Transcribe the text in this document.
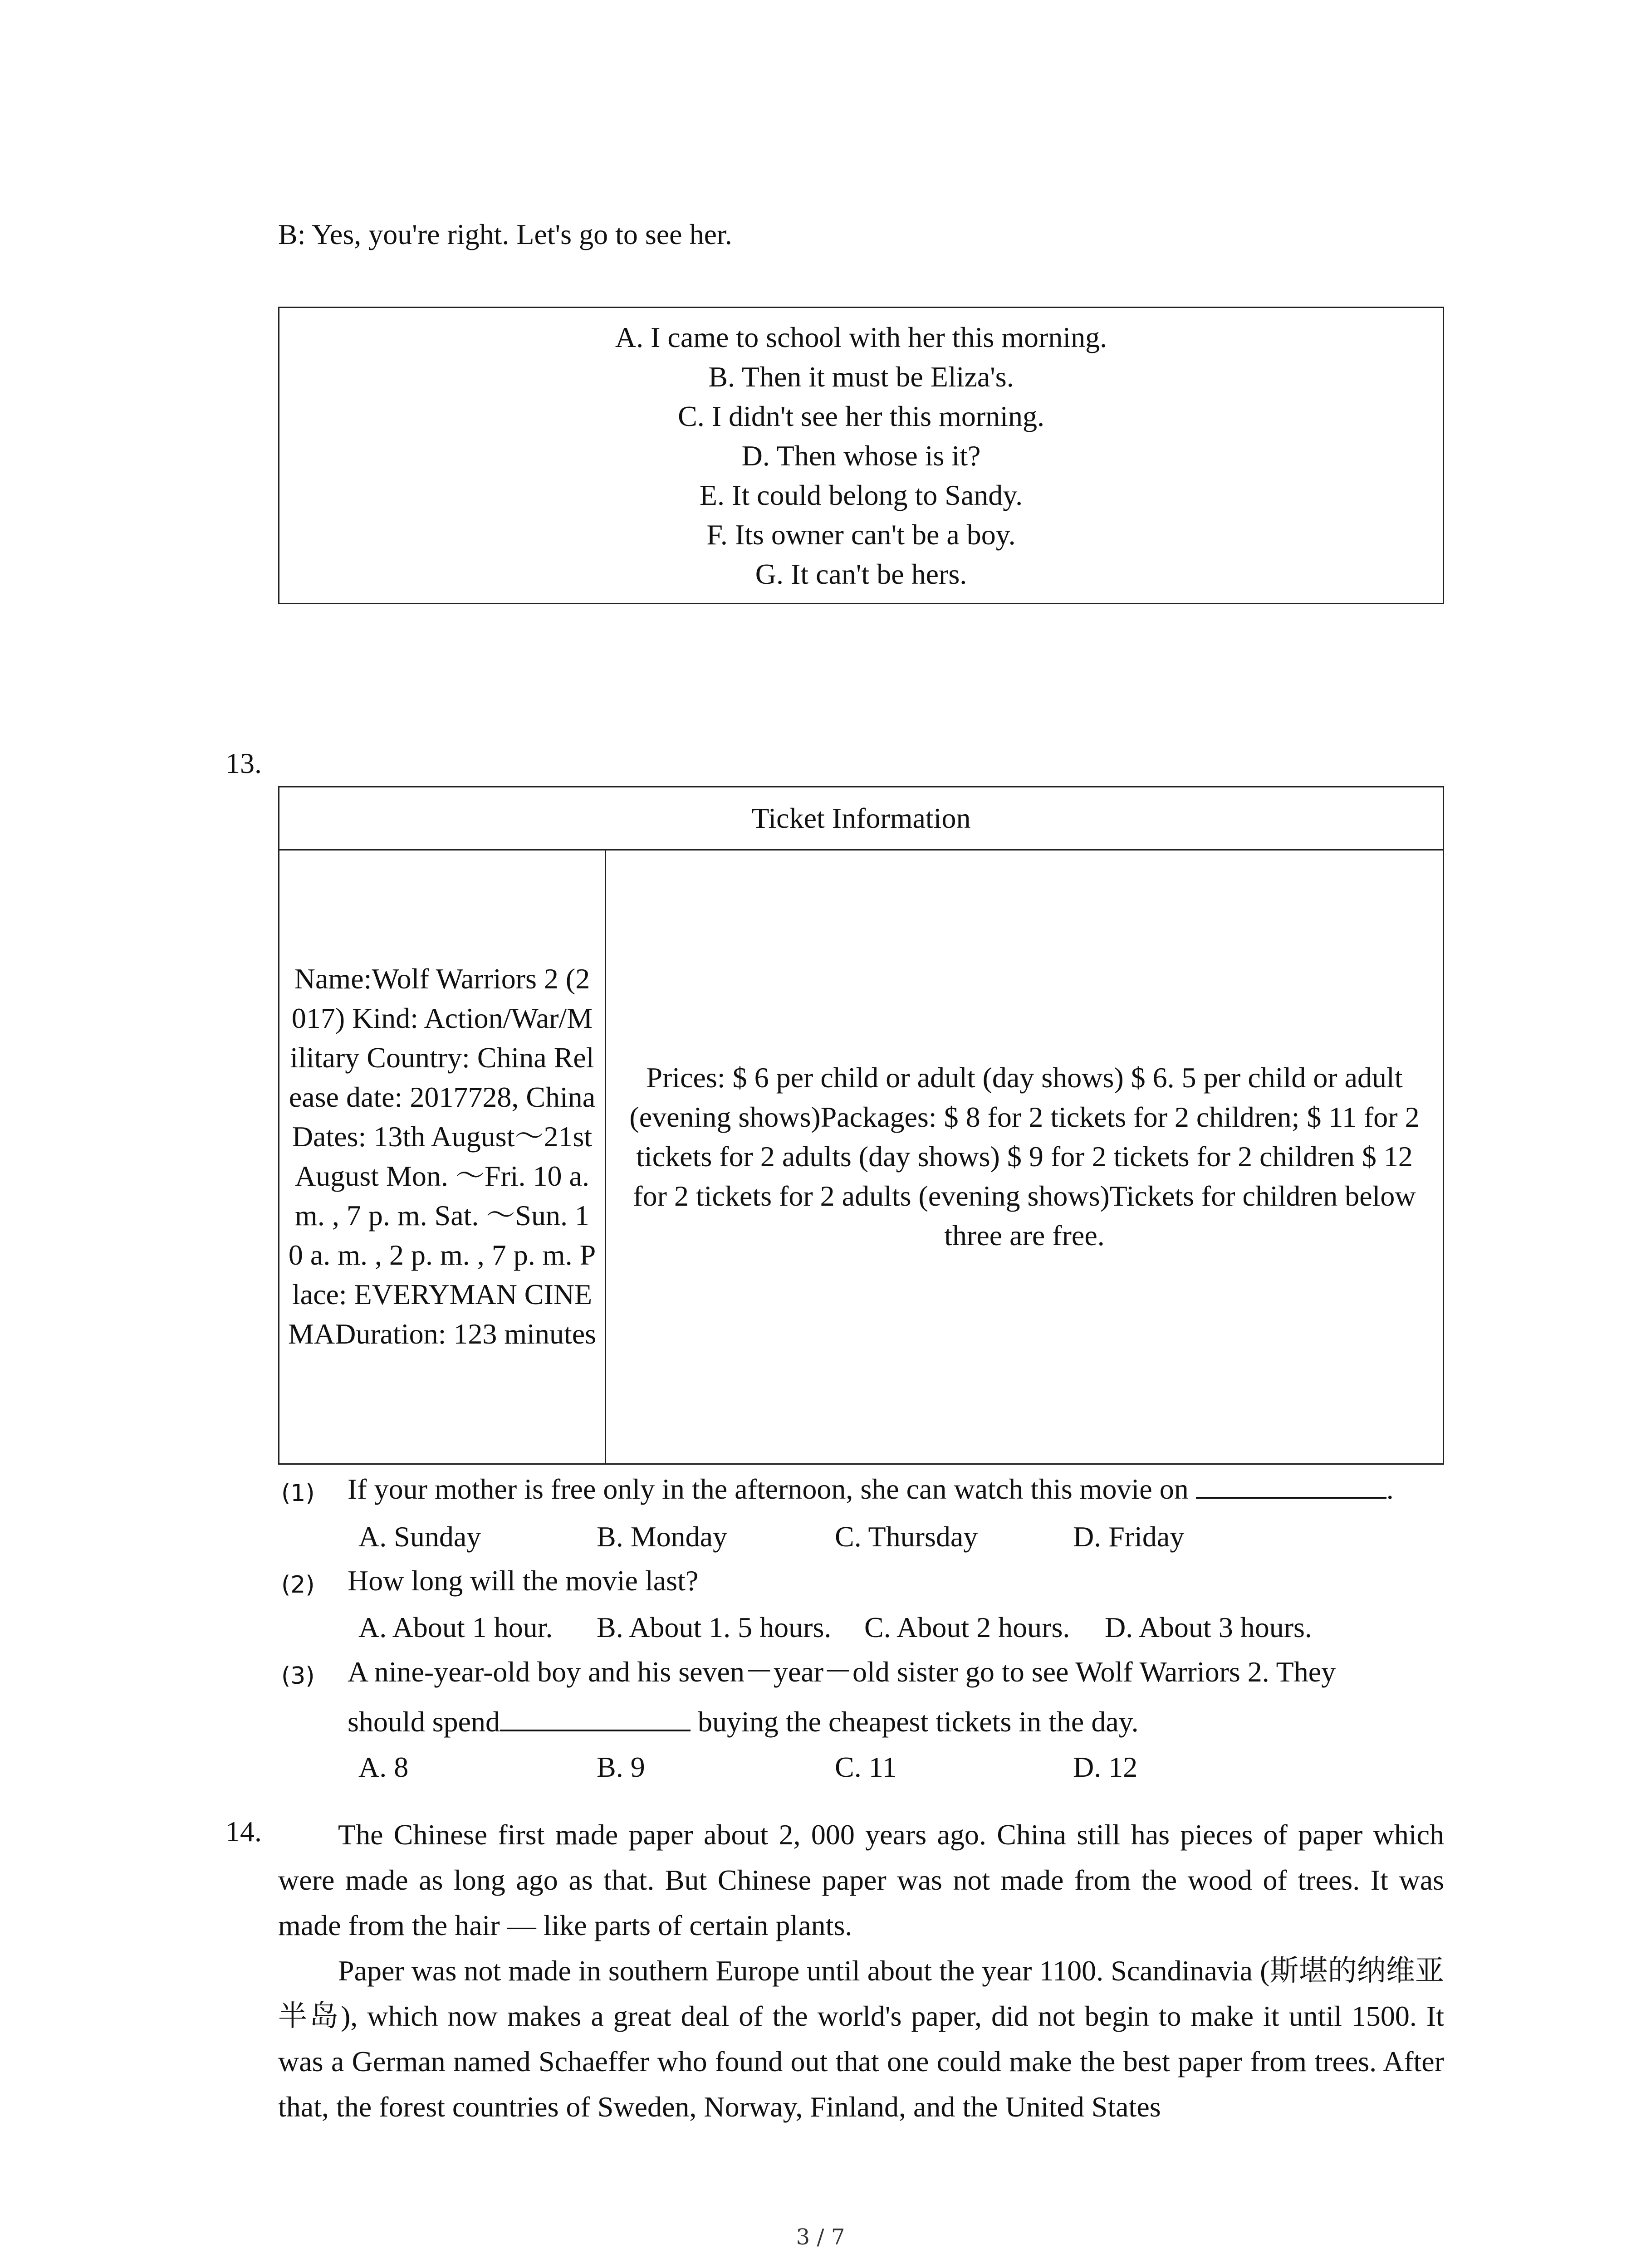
B: Yes, you're right. Let's go to see her.
A. I came to school with her this morning.
B. Then it must be Eliza's.
C. I didn't see her this morning.
D. Then whose is it?
E. It could belong to Sandy.
F. Its owner can't be a boy.
G. It can't be hers.
13.
Ticket Information
Name:Wolf Warriors 2 (2017) Kind: Action/War/Military Country: China Release date: 2017728, China Dates: 13th August～21st August Mon. ～Fri. 10 a. m. , 7 p. m. Sat. ～Sun. 10 a. m. , 2 p. m. , 7 p. m. Place: EVERYMAN CINEMADuration: 123 minutes
Prices: $ 6 per child or adult (day shows) $ 6. 5 per child or adult (evening shows)Packages: $ 8 for 2 tickets for 2 children; $ 11 for 2 tickets for 2 adults (day shows) $ 9 for 2 tickets for 2 children $ 12 for 2 tickets for 2 adults (evening shows)Tickets for children below three are free.
(1) If your mother is free only in the afternoon, she can watch this movie on	.
A. Sunday	B. Monday	C. Thursday	D. Friday
(2) How long will the movie last?
A. About 1 hour.	B. About 1. 5 hours.	C. About 2 hours.	D. About 3 hours.
(3) A nine-year-old boy and his seven－year－old sister go to see Wolf Warriors 2. They
should spend	buying the cheapest tickets in the day.
A. 8	B. 9	C. 11	D. 12
14.	The Chinese first made paper about 2, 000 years ago. China still has pieces of paper which were made as long ago as that. But Chinese paper was not made from the wood of trees. It was made from the hair — like parts of certain plants.
Paper was not made in southern Europe until about the year 1100. Scandinavia (斯堪的纳维亚半岛), which now makes a great deal of the world's paper, did not begin to make it until 1500. It was a German named Schaeffer who found out that one could make the best paper from trees. After that, the forest countries of Sweden, Norway, Finland, and the United States
3 / 7
